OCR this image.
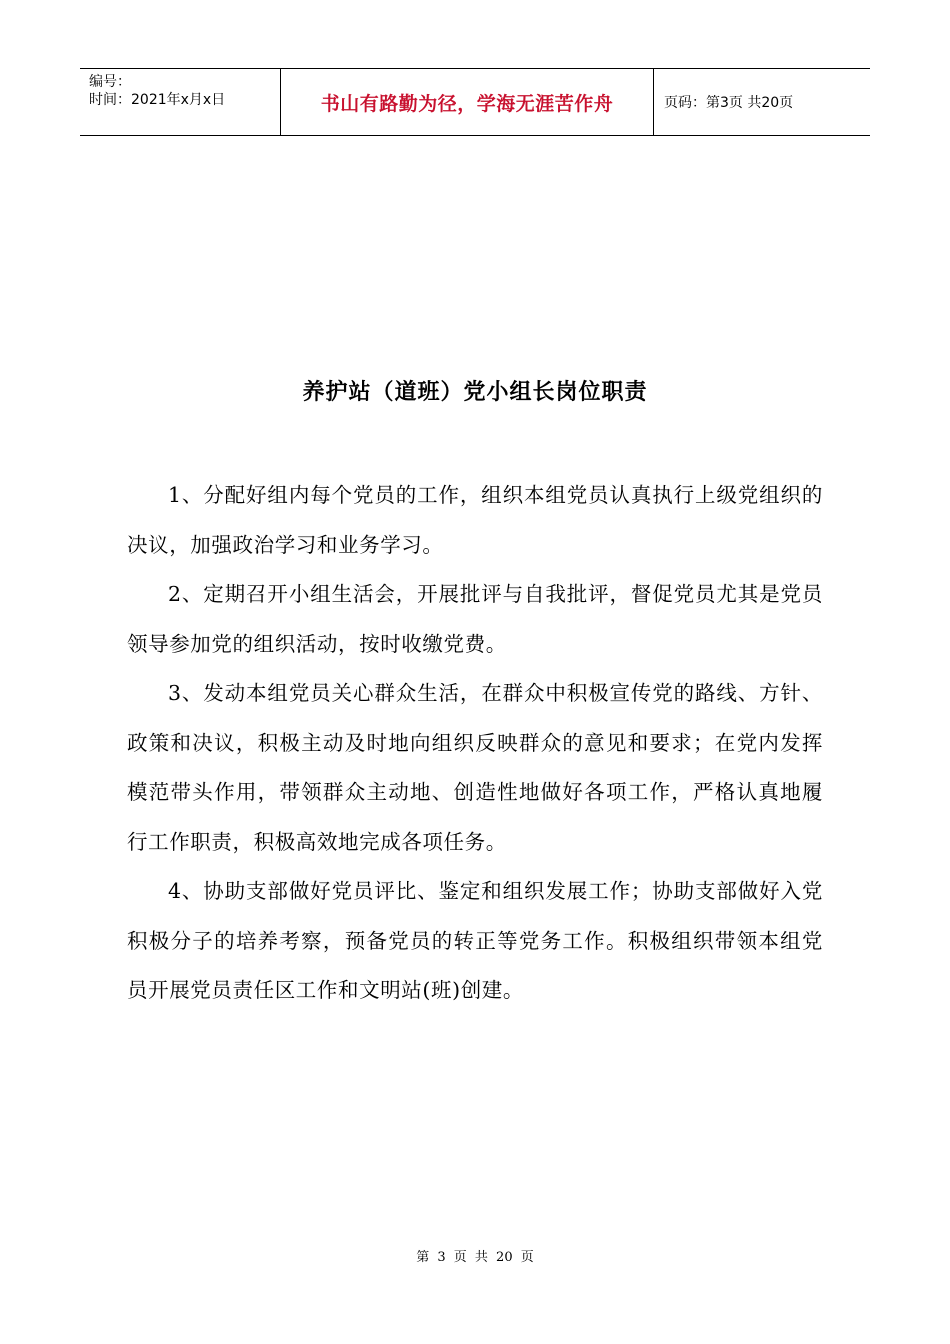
编号：
时间：2021年x月x日	书山有路勤为径，学海无涯苦作舟	页码：第3页 共20页
养护站（道班）党小组长岗位职责

1、分配好组内每个党员的工作，组织本组党员认真执行上级党组织的决议，加强政治学习和业务学习。

2、定期召开小组生活会，开展批评与自我批评，督促党员尤其是党员领导参加党的组织活动，按时收缴党费。

3、发动本组党员关心群众生活，在群众中积极宣传党的路线、方针、政策和决议，积极主动及时地向组织反映群众的意见和要求；在党内发挥模范带头作用，带领群众主动地、创造性地做好各项工作，严格认真地履行工作职责，积极高效地完成各项任务。

4、协助支部做好党员评比、鉴定和组织发展工作；协助支部做好入党积极分子的培养考察，预备党员的转正等党务工作。积极组织带领本组党员开展党员责任区工作和文明站(班)创建。

第 3 页 共 20 页
